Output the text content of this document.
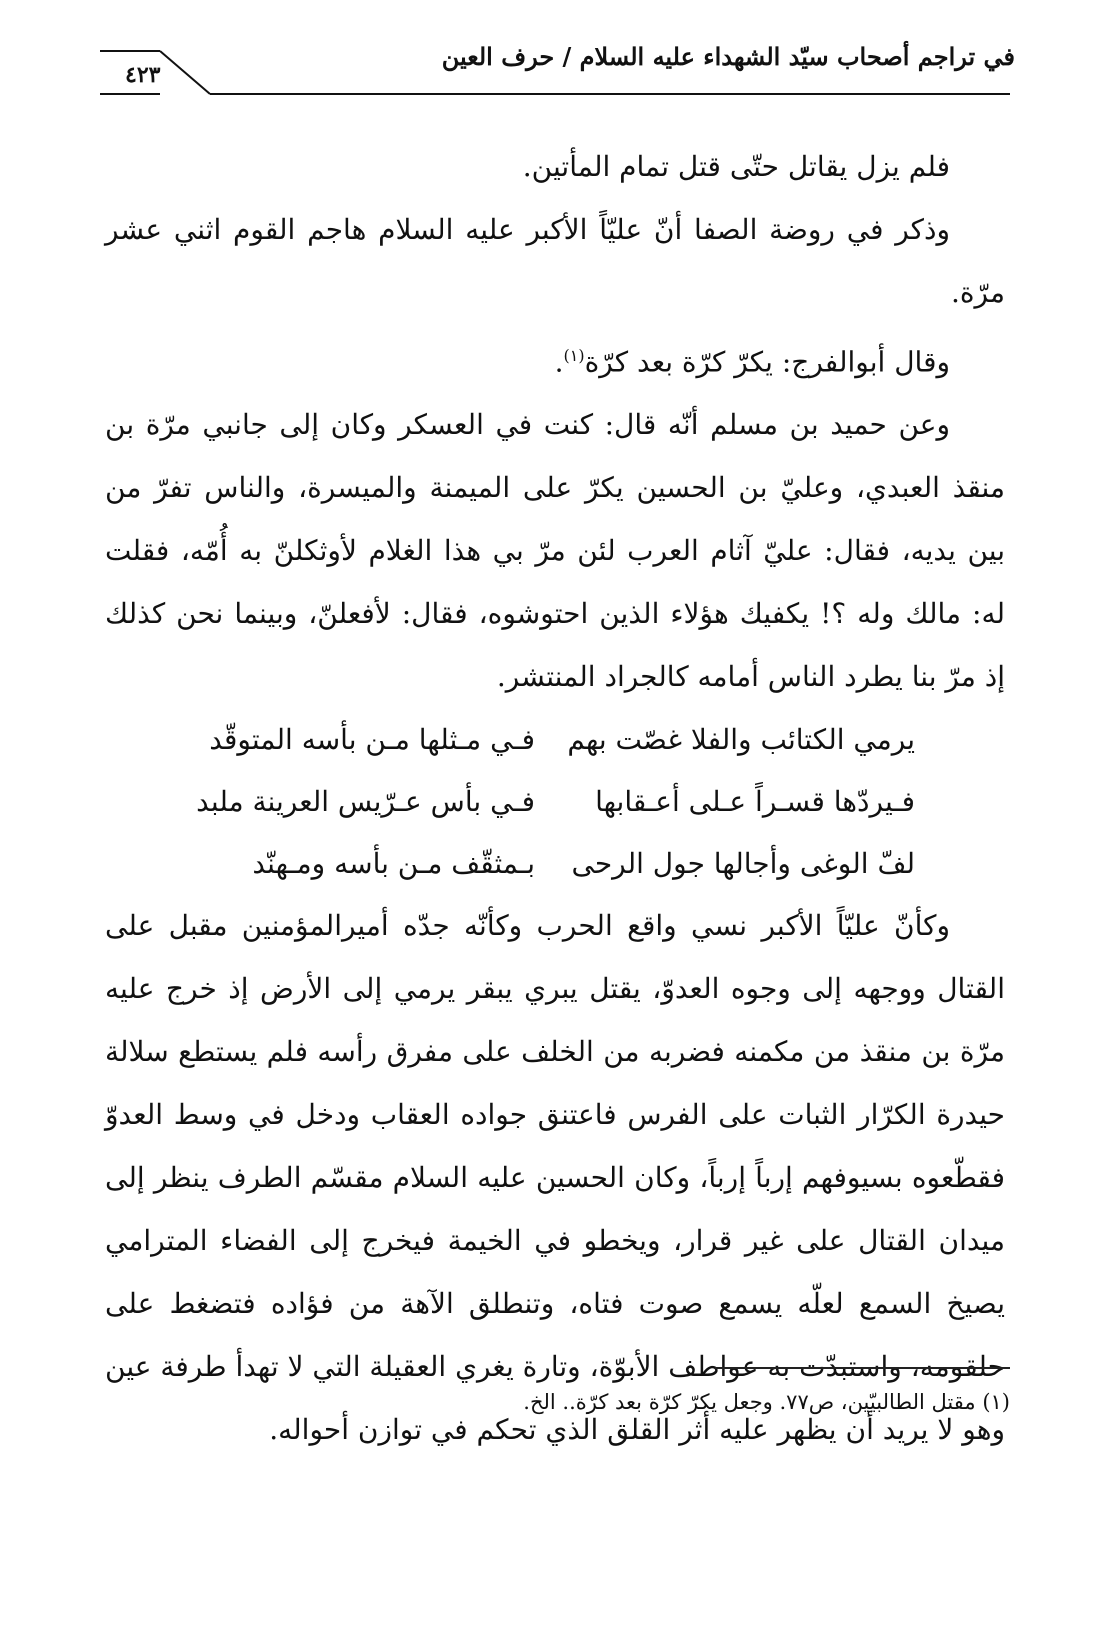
في تراجم أصحاب سيّد الشهداء عليه السلام / حرف العين
٤٢٣

فلم يزل يقاتل حتّى قتل تمام المأتين.

وذكر في روضة الصفا أنّ عليّاً الأكبر عليه السلام هاجم القوم اثني عشر مرّة.

وقال أبوالفرج: يكرّ كرّة بعد كرّة$^{(١)}$.

وعن حميد بن مسلم أنّه قال: كنت في العسكر وكان إلى جانبي مرّة بن منقذ العبدي، وعليّ بن الحسين يكرّ على الميمنة والميسرة، والناس تفرّ من بين يديه، فقال: عليّ آثام العرب لئن مرّ بي هذا الغلام لأوثكلنّ به أُمّه، فقلت له: مالك وله ؟! يكفيك هؤلاء الذين احتوشوه، فقال: لأفعلنّ، وبينما نحن كذلك إذ مرّ بنا يطرد الناس أمامه كالجراد المنتشر.

يرمي الكتائب والفلا غصّت بهم
فـي مـثلها مـن بأسه المتوقّد
فـيردّها قسـراً عـلى أعـقابها
فـي بأس عـرّيس العرينة ملبد
لفّ الوغى وأجالها جول الرحى
بـمثقّف مـن بأسه ومـهنّد

وكأنّ عليّاً الأكبر نسي واقع الحرب وكأنّه جدّه أميرالمؤمنين مقبل على القتال ووجهه إلى وجوه العدوّ، يقتل يبري يبقر يرمي إلى الأرض إذ خرج عليه مرّة بن منقذ من مكمنه فضربه من الخلف على مفرق رأسه فلم يستطع سلالة حيدرة الكرّار الثبات على الفرس فاعتنق جواده العقاب ودخل في وسط العدوّ فقطّعوه بسيوفهم إرباً إرباً، وكان الحسين عليه السلام مقسّم الطرف ينظر إلى ميدان القتال على غير قرار، ويخطو في الخيمة فيخرج إلى الفضاء المترامي يصيخ السمع لعلّه يسمع صوت فتاه، وتنطلق الآهة من فؤاده فتضغط على حلقومه، واستبدّت به عواطف الأبوّة، وتارة يغري العقيلة التي لا تهدأ طرفة عين وهو لا يريد أن يظهر عليه أثر القلق الذي تحكم في توازن أحواله.

(١) مقتل الطالبيّين، ص٧٧. وجعل يكرّ كرّة بعد كرّة.. الخ.
